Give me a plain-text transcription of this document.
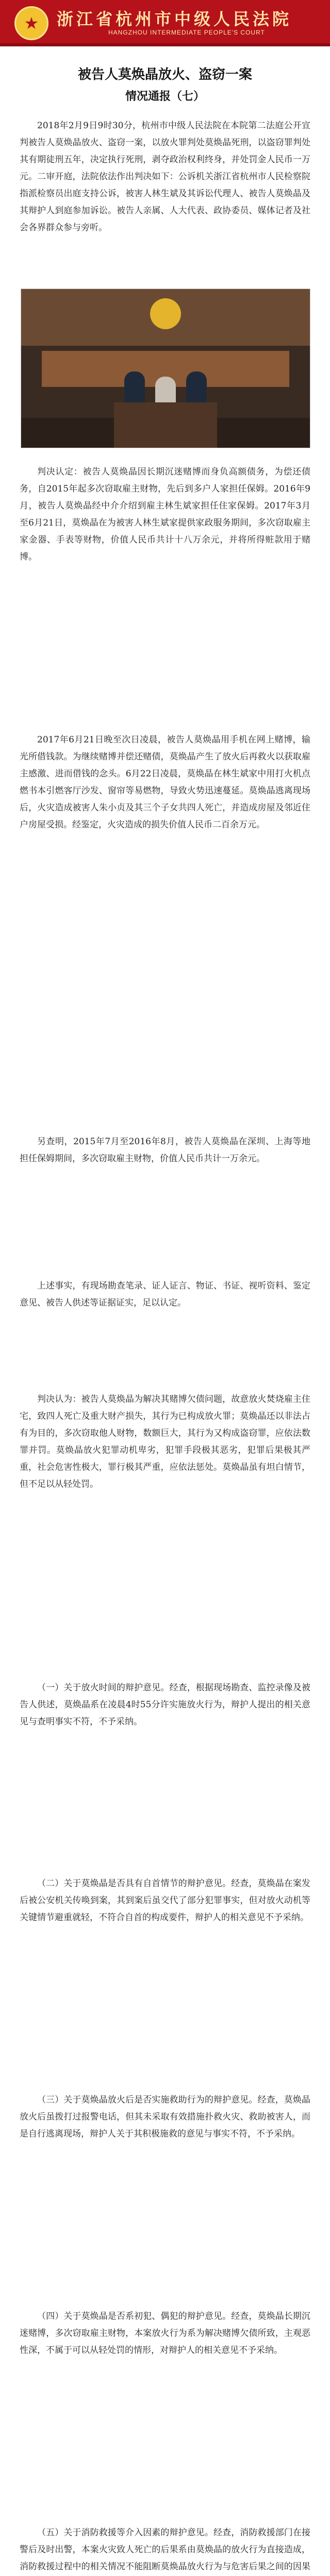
★	浙江省杭州市中级人民法院
HANGZHOU INTERMEDIATE PEOPLE'S COURT
被告人莫焕晶放火、盗窃一案
情况通报（七）

2018年2月9日9时30分，杭州市中级人民法院在本院第二法庭公开宣判被告人莫焕晶放火、盗窃一案，以放火罪判处莫焕晶死刑，以盗窃罪判处其有期徒刑五年，决定执行死刑，剥夺政治权利终身，并处罚金人民币一万元。二审开庭，法院依法作出判决如下：公诉机关浙江省杭州市人民检察院指派检察员出庭支持公诉，被害人林生斌及其诉讼代理人、被告人莫焕晶及其辩护人到庭参加诉讼。被告人亲属、人大代表、政协委员、媒体记者及社会各界群众参与旁听。

判决认定：被告人莫焕晶因长期沉迷赌博而身负高额债务，为偿还债务，自2015年起多次窃取雇主财物，先后到多户人家担任保姆。2016年9月，被告人莫焕晶经中介介绍到雇主林生斌家担任住家保姆。2017年3月至6月21日，莫焕晶在为被害人林生斌家提供家政服务期间，多次窃取雇主家金器、手表等财物，价值人民币共计十八万余元，并将所得赃款用于赌博。

2017年6月21日晚至次日凌晨，被告人莫焕晶用手机在网上赌博，输光所借钱款。为继续赌博并偿还赌债，莫焕晶产生了放火后再救火以获取雇主感激、进而借钱的念头。6月22日凌晨，莫焕晶在林生斌家中用打火机点燃书本引燃客厅沙发、窗帘等易燃物，导致火势迅速蔓延。莫焕晶逃离现场后，火灾造成被害人朱小贞及其三个子女共四人死亡，并造成房屋及邻近住户房屋受损。经鉴定，火灾造成的损失价值人民币二百余万元。

另查明，2015年7月至2016年8月，被告人莫焕晶在深圳、上海等地担任保姆期间，多次窃取雇主财物，价值人民币共计一万余元。

上述事实，有现场勘查笔录、证人证言、物证、书证、视听资料、鉴定意见、被告人供述等证据证实，足以认定。

判决认为：被告人莫焕晶为解决其赌博欠债问题，故意放火焚烧雇主住宅，致四人死亡及重大财产损失，其行为已构成放火罪；莫焕晶还以非法占有为目的，多次窃取他人财物，数额巨大，其行为又构成盗窃罪，应依法数罪并罚。莫焕晶放火犯罪动机卑劣，犯罪手段极其恶劣，犯罪后果极其严重，社会危害性极大，罪行极其严重，应依法惩处。莫焕晶虽有坦白情节，但不足以从轻处罚。

（一）关于放火时间的辩护意见。经查，根据现场勘查、监控录像及被告人供述，莫焕晶系在凌晨4时55分许实施放火行为，辩护人提出的相关意见与查明事实不符，不予采纳。

（二）关于莫焕晶是否具有自首情节的辩护意见。经查，莫焕晶在案发后被公安机关传唤到案，其到案后虽交代了部分犯罪事实，但对放火动机等关键情节避重就轻，不符合自首的构成要件，辩护人的相关意见不予采纳。

（三）关于莫焕晶放火后是否实施救助行为的辩护意见。经查，莫焕晶放火后虽拨打过报警电话，但其未采取有效措施扑救火灾、救助被害人，而是自行逃离现场，辩护人关于其积极施救的意见与事实不符，不予采纳。

（四）关于莫焕晶是否系初犯、偶犯的辩护意见。经查，莫焕晶长期沉迷赌博，多次窃取雇主财物，本案放火行为系为解决赌博欠债所致，主观恶性深，不属于可以从轻处罚的情形，对辩护人的相关意见不予采纳。

（五）关于消防救援等介入因素的辩护意见。经查，消防救援部门在接警后及时出警，本案火灾致人死亡的后果系由莫焕晶的放火行为直接造成，消防救援过程中的相关情况不能阻断莫焕晶放火行为与危害后果之间的因果
